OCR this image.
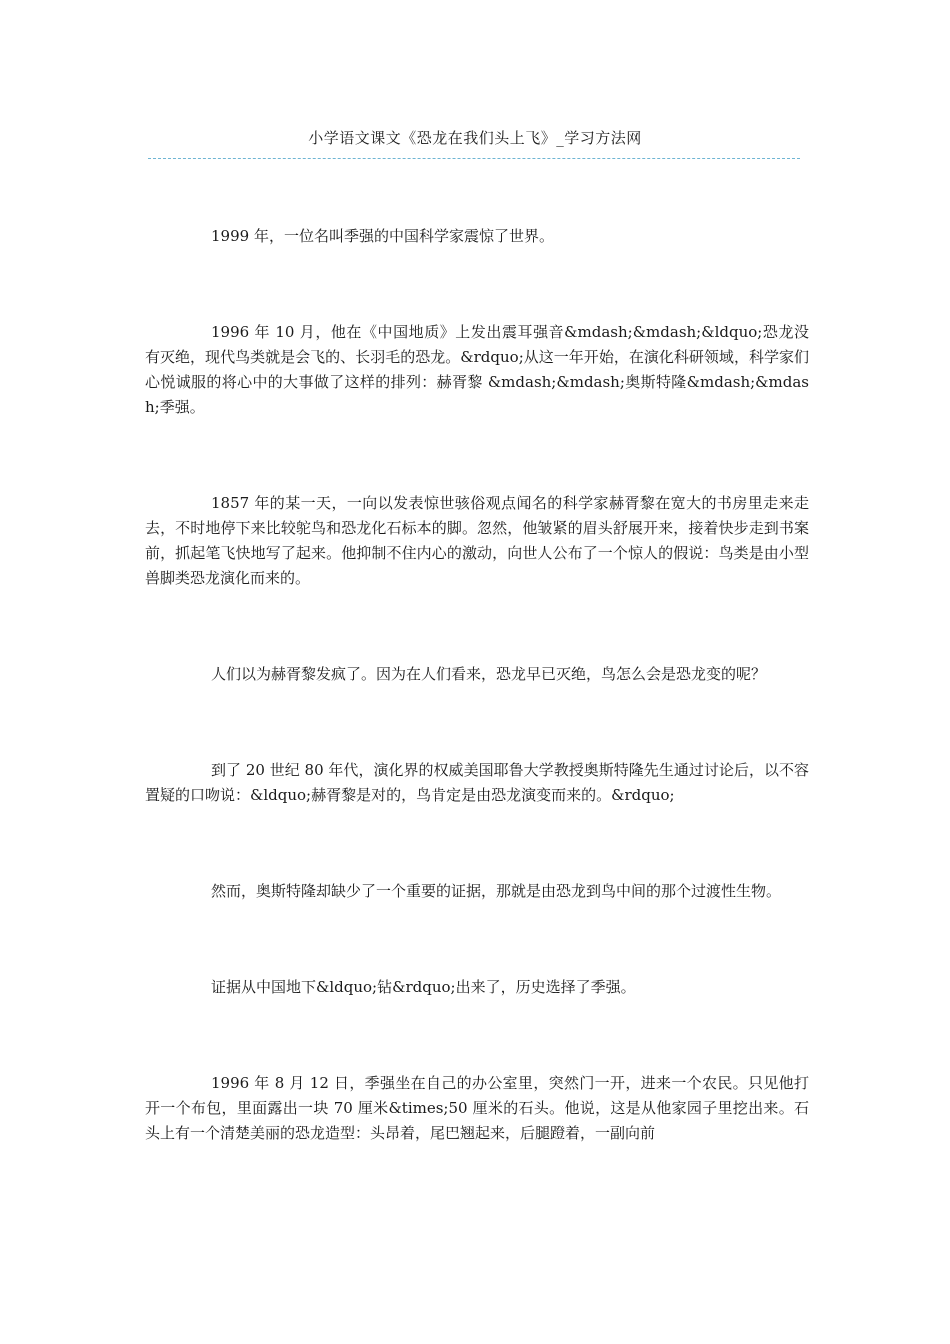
小学语文课文《恐龙在我们头上飞》_学习方法网

1999 年，一位名叫季强的中国科学家震惊了世界。

1996 年 10 月，他在《中国地质》上发出震耳强音&mdash;&mdash;&ldquo;恐龙没有灭绝，现代鸟类就是会飞的、长羽毛的恐龙。&rdquo;从这一年开始，在演化科研领域，科学家们心悦诚服的将心中的大事做了这样的排列：赫胥黎 &mdash;&mdash;奥斯特隆&mdash;&mdash;季强。

1857 年的某一天，一向以发表惊世骇俗观点闻名的科学家赫胥黎在宽大的书房里走来走去，不时地停下来比较鸵鸟和恐龙化石标本的脚。忽然，他皱紧的眉头舒展开来，接着快步走到书案前，抓起笔飞快地写了起来。他抑制不住内心的激动，向世人公布了一个惊人的假说：鸟类是由小型兽脚类恐龙演化而来的。

人们以为赫胥黎发疯了。因为在人们看来，恐龙早已灭绝，鸟怎么会是恐龙变的呢？

到了 20 世纪 80 年代，演化界的权威美国耶鲁大学教授奥斯特隆先生通过讨论后，以不容置疑的口吻说：&ldquo;赫胥黎是对的，鸟肯定是由恐龙演变而来的。&rdquo;

然而，奥斯特隆却缺少了一个重要的证据，那就是由恐龙到鸟中间的那个过渡性生物。

证据从中国地下&ldquo;钻&rdquo;出来了，历史选择了季强。

1996 年 8 月 12 日，季强坐在自己的办公室里，突然门一开，进来一个农民。只见他打开一个布包，里面露出一块 70 厘米&times;50 厘米的石头。他说，这是从他家园子里挖出来。石头上有一个清楚美丽的恐龙造型：头昂着，尾巴翘起来，后腿蹬着，一副向前
